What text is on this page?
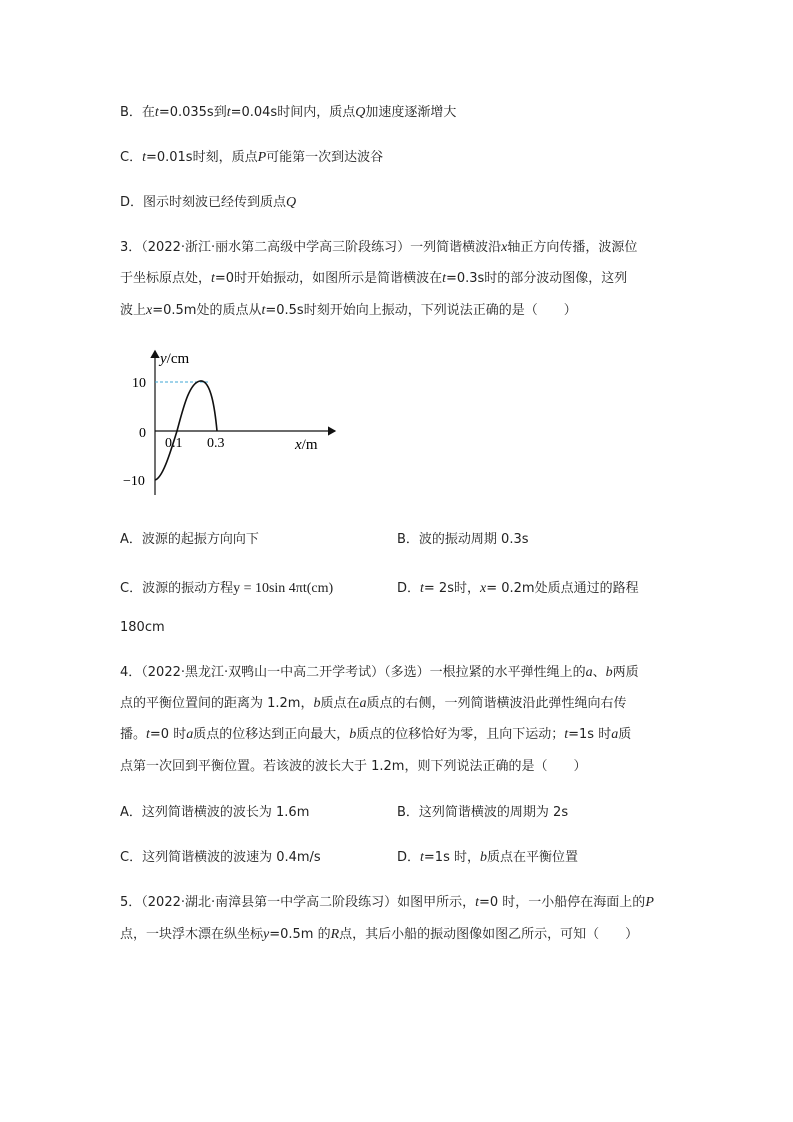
B．在t=0.035s到t=0.04s时间内，质点Q加速度逐渐增大
C．t=0.01s时刻，质点P可能第一次到达波谷
D．图示时刻波已经传到质点Q
3．（2022·浙江·丽水第二高级中学高三阶段练习）一列简谐横波沿x轴正方向传播，波源位
于坐标原点处，t=0时开始振动，如图所示是简谐横波在t=0.3s时的部分波动图像，这列
波上x=0.5m处的质点从t=0.5s时刻开始向上振动，下列说法正确的是（　　）
y/cm
x/m
10
0
−10
0.1 0.3
A．波源的起振方向向下	B．波的振动周期 0.3s
C．波源的振动方程y = 10sin 4πt(cm)	D．t= 2s时，x= 0.2m处质点通过的路程
180cm
4．（2022·黑龙江·双鸭山一中高二开学考试）（多选）一根拉紧的水平弹性绳上的a、b两质
点的平衡位置间的距离为 1.2m，b质点在a质点的右侧，一列简谐横波沿此弹性绳向右传
播。t=0 时a质点的位移达到正向最大，b质点的位移恰好为零，且向下运动；t=1s 时a质
点第一次回到平衡位置。若该波的波长大于 1.2m，则下列说法正确的是（　　）
A．这列简谐横波的波长为 1.6m	B．这列简谐横波的周期为 2s
C．这列简谐横波的波速为 0.4m/s	D．t=1s 时，b质点在平衡位置
5．（2022·湖北·南漳县第一中学高二阶段练习）如图甲所示，t=0 时，一小船停在海面上的P
点，一块浮木漂在纵坐标y=0.5m 的R点，其后小船的振动图像如图乙所示，可知（　　）
